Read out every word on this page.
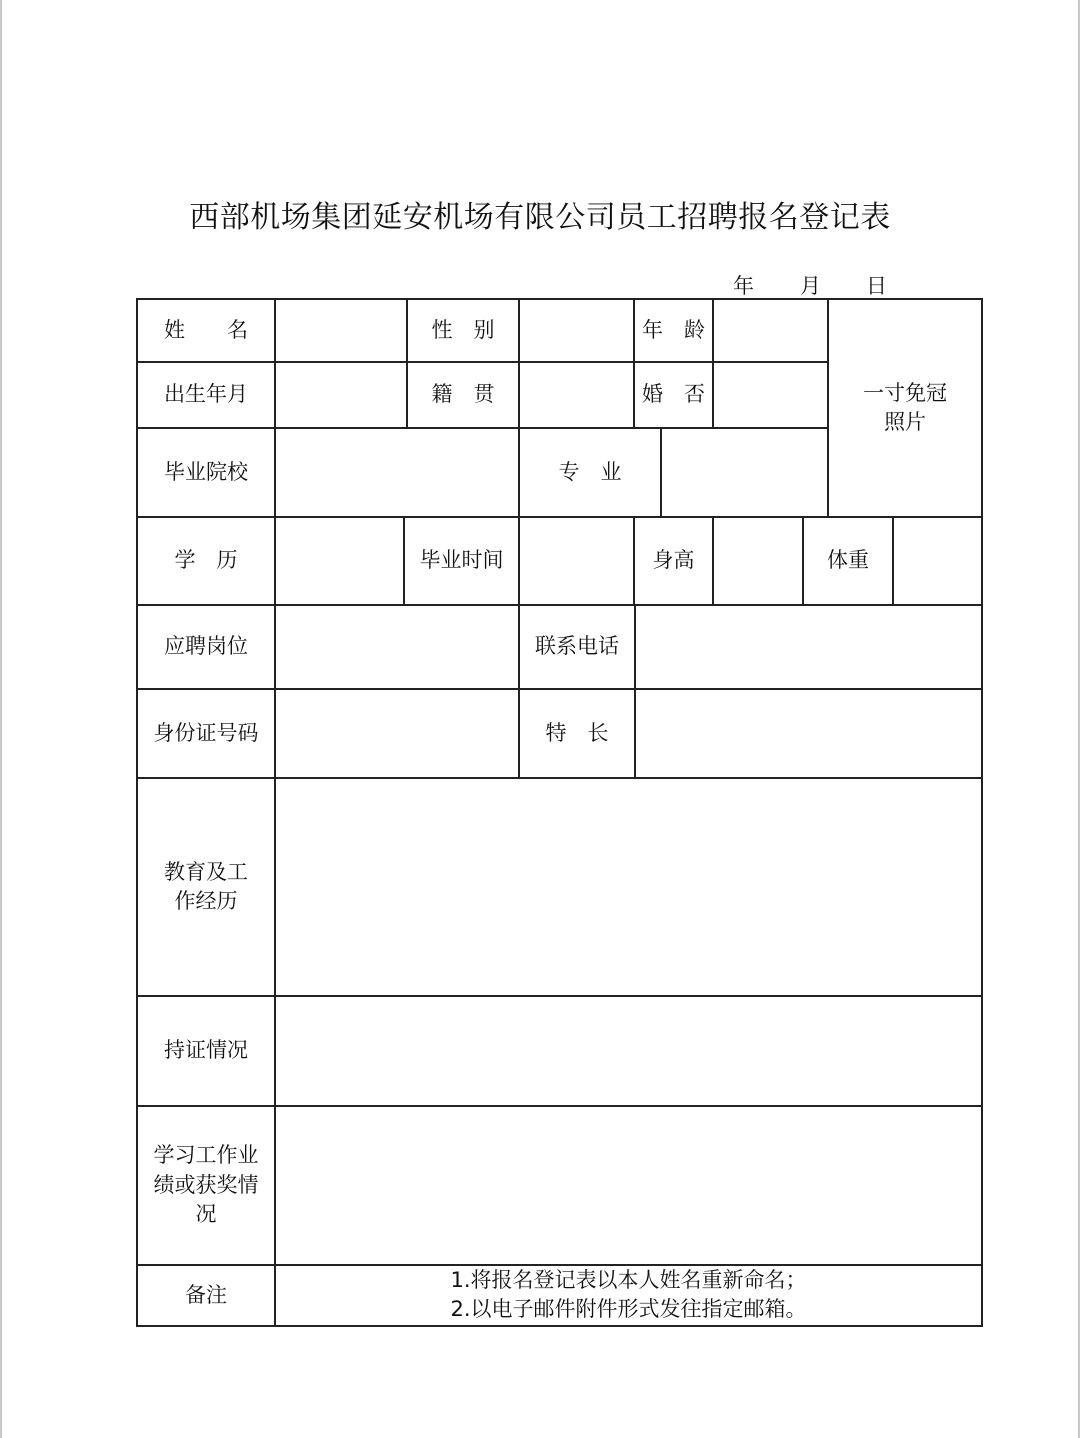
西部机场集团延安机场有限公司员工招聘报名登记表
年 月 日
姓　　名			性　别		年　龄				一寸免冠照片	
出生年月			籍　贯		婚　否					
毕业院校				专　业						
学　历		毕业时间			身高			体重		
应聘岗位				联系电话						
身份证号码				特　长						
教育及工作经历										
持证情况										
学习工作业绩或获奖情况										
备注	1.将报名登记表以本人姓名重新命名；
2.以电子邮件附件形式发往指定邮箱。									
